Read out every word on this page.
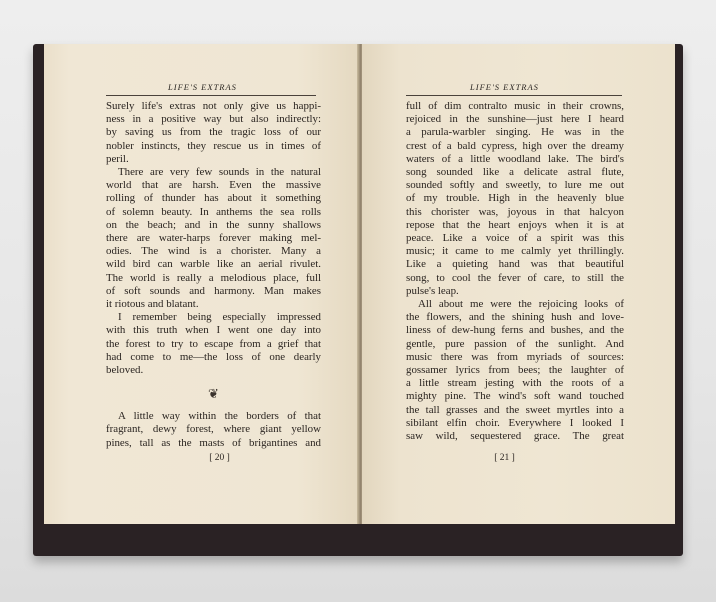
LIFE'S EXTRAS
Surely life's extras not only give us happi-
ness in a positive way but also indirectly:
by saving us from the tragic loss of our
nobler instincts, they rescue us in times of
peril.
There are very few sounds in the natural
world that are harsh. Even the massive
rolling of thunder has about it something
of solemn beauty. In anthems the sea rolls
on the beach; and in the sunny shallows
there are water-harps forever making mel-
odies. The wind is a chorister. Many a
wild bird can warble like an aerial rivulet.
The world is really a melodious place, full
of soft sounds and harmony. Man makes
it riotous and blatant.
I remember being especially impressed
with this truth when I went one day into
the forest to try to escape from a grief that
had come to me—the loss of one dearly
beloved.
❦
A little way within the borders of that
fragrant, dewy forest, where giant yellow
pines, tall as the masts of brigantines and
[ 20 ]
LIFE'S EXTRAS
full of dim contralto music in their crowns,
rejoiced in the sunshine—just here I heard
a parula-warbler singing. He was in the
crest of a bald cypress, high over the dreamy
waters of a little woodland lake. The bird's
song sounded like a delicate astral flute,
sounded softly and sweetly, to lure me out
of my trouble. High in the heavenly blue
this chorister was, joyous in that halcyon
repose that the heart enjoys when it is at
peace. Like a voice of a spirit was this
music; it came to me calmly yet thrillingly.
Like a quieting hand was that beautiful
song, to cool the fever of care, to still the
pulse's leap.
All about me were the rejoicing looks of
the flowers, and the shining hush and love-
liness of dew-hung ferns and bushes, and the
gentle, pure passion of the sunlight. And
music there was from myriads of sources:
gossamer lyrics from bees; the laughter of
a little stream jesting with the roots of a
mighty pine. The wind's soft wand touched
the tall grasses and the sweet myrtles into a
sibilant elfin choir. Everywhere I looked I
saw wild, sequestered grace. The great
[ 21 ]
